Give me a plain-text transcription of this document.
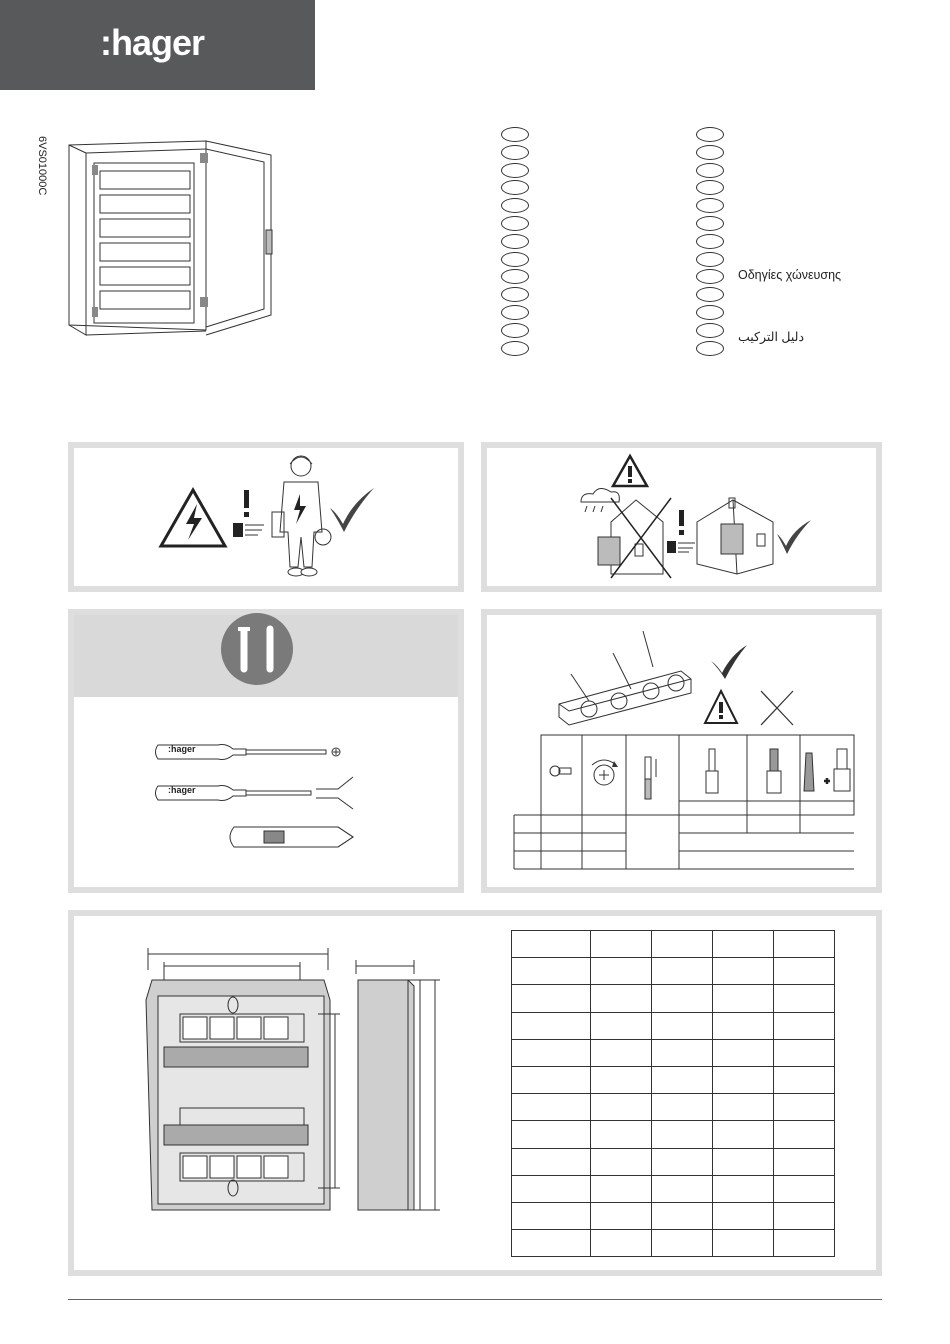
:hager
6VS01000C
Οδηγίες χώνευσης
دليل التركيب
:hager
:hager
